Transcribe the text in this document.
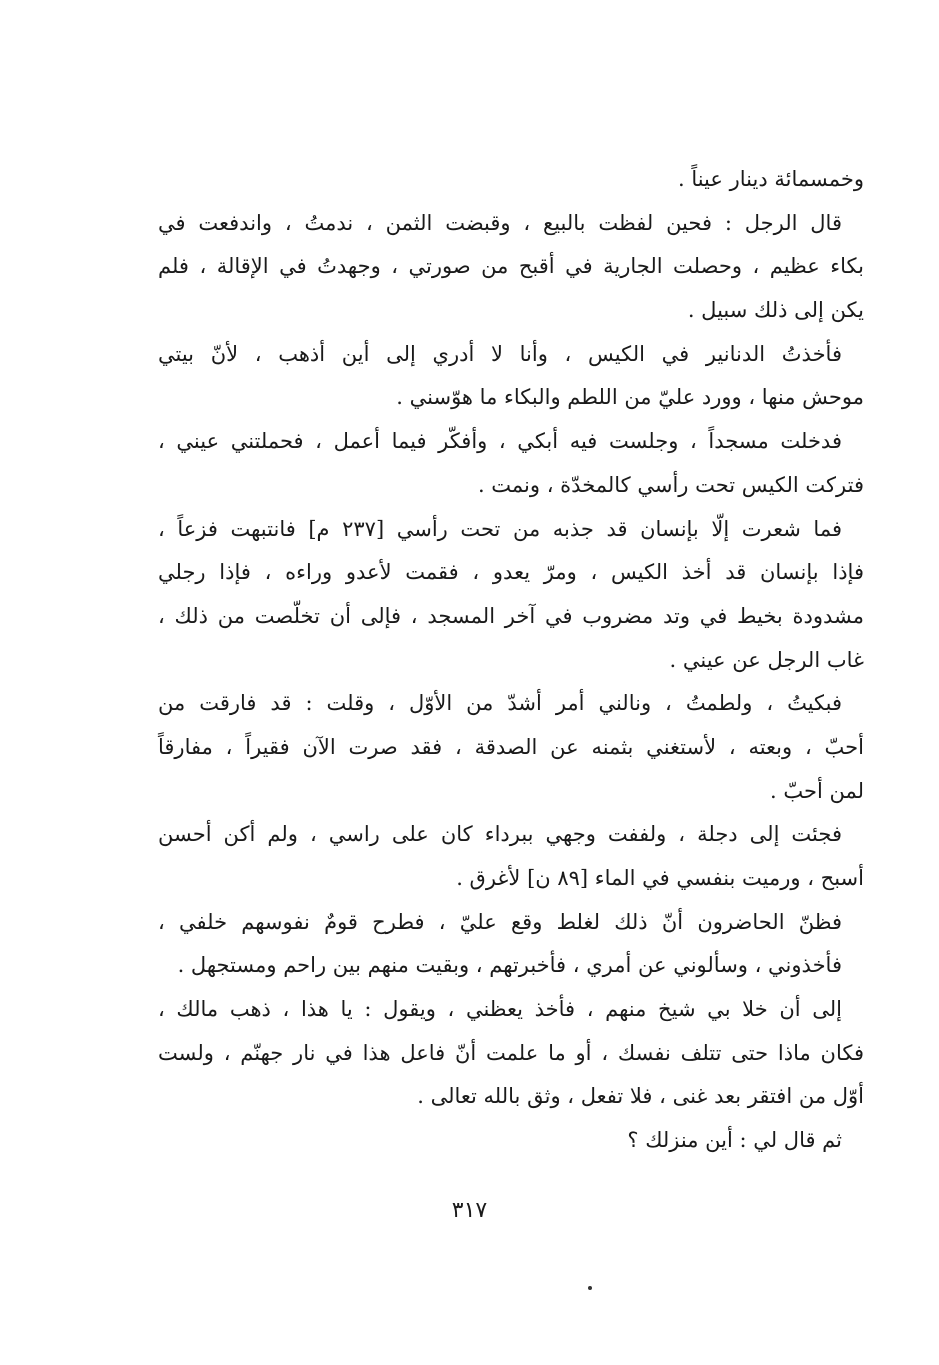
وخمسمائة دينار عيناً .
قال الرجل : فحين لفظت بالبيع ، وقبضت الثمن ، ندمتُ ، واندفعت في
بكاء عظيم ، وحصلت الجارية في أقبح من صورتي ، وجهدتُ في الإقالة ، فلم
يكن إلى ذلك سبيل .
فأخذتُ الدنانير في الكيس ، وأنا لا أدري إلى أين أذهب ، لأنّ بيتي
موحش منها ، وورد عليّ من اللطم والبكاء ما هوّسني .
فدخلت مسجداً ، وجلست فيه أبكي ، وأفكّر فيما أعمل ، فحملتني عيني ،
فتركت الكيس تحت رأسي كالمخدّة ، ونمت .
فما شعرت إلّا بإنسان قد جذبه من تحت رأسي [٢٣٧ م] فانتبهت فزعاً ،
فإذا بإنسان قد أخذ الكيس ، ومرّ يعدو ، فقمت لأعدو وراءه ، فإذا رجلي
مشدودة بخيط في وتد مضروب في آخر المسجد ، فإلى أن تخلّصت من ذلك ،
غاب الرجل عن عيني .
فبكيتُ ، ولطمتُ ، ونالني أمر أشدّ من الأوّل ، وقلت : قد فارقت من
أحبّ ، وبعته ، لأستغني بثمنه عن الصدقة ، فقد صرت الآن فقيراً ، مفارقاً
لمن أحبّ .
فجئت إلى دجلة ، ولففت وجهي ببرداء كان على راسي ، ولم أكن أحسن
أسبح ، ورميت بنفسي في الماء [٨٩ ن] لأغرق .
فظنّ الحاضرون أنّ ذلك لغلط وقع عليّ ، فطرح قومٌ نفوسهم خلفي ،
فأخذوني ، وسألوني عن أمري ، فأخبرتهم ، وبقيت منهم بين راحم ومستجهل .
إلى أن خلا بي شيخ منهم ، فأخذ يعظني ، ويقول : يا هذا ، ذهب مالك ،
فكان ماذا حتى تتلف نفسك ، أو ما علمت أنّ فاعل هذا في نار جهنّم ، ولست
أوّل من افتقر بعد غنى ، فلا تفعل ، وثق بالله تعالى .
ثم قال لي : أين منزلك ؟
٣١٧
